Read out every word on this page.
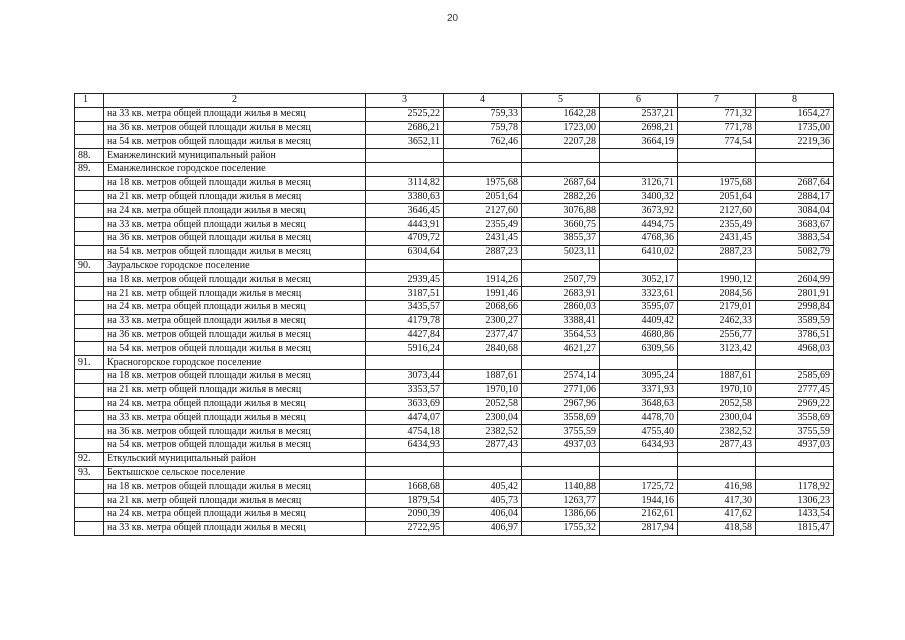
20
1	2	3	4	5	6	7	8
	на 33 кв. метра общей площади жилья в месяц	2525,22	759,33	1642,28	2537,21	771,32	1654,27
	на 36 кв. метров общей площади жилья в месяц	2686,21	759,78	1723,00	2698,21	771,78	1735,00
	на 54 кв. метров общей площади жилья в месяц	3652,11	762,46	2207,28	3664,19	774,54	2219,36
88.	Еманжелинский муниципальный район						
89.	Еманжелинское городское поселение						
	на 18 кв. метров общей площади жилья в месяц	3114,82	1975,68	2687,64	3126,71	1975,68	2687,64
	на 21 кв. метр общей площади жилья в месяц	3380,63	2051,64	2882,26	3400,32	2051,64	2884,17
	на 24 кв. метра общей площади жилья в месяц	3646,45	2127,60	3076,88	3673,92	2127,60	3084,04
	на 33 кв. метра общей площади жилья в месяц	4443,91	2355,49	3660,75	4494,75	2355,49	3683,67
	на 36 кв. метров общей площади жилья в месяц	4709,72	2431,45	3855,37	4768,36	2431,45	3883,54
	на 54 кв. метров общей площади жилья в месяц	6304,64	2887,23	5023,11	6410,02	2887,23	5082,79
90.	Зауральское городское поселение						
	на 18 кв. метров общей площади жилья в месяц	2939,45	1914,26	2507,79	3052,17	1990,12	2604,99
	на 21 кв. метр общей площади жилья в месяц	3187,51	1991,46	2683,91	3323,61	2084,56	2801,91
	на 24 кв. метра общей площади жилья в месяц	3435,57	2068,66	2860,03	3595,07	2179,01	2998,84
	на 33 кв. метра общей площади жилья в месяц	4179,78	2300,27	3388,41	4409,42	2462,33	3589,59
	на 36 кв. метров общей площади жилья в месяц	4427,84	2377,47	3564,53	4680,86	2556,77	3786,51
	на 54 кв. метров общей площади жилья в месяц	5916,24	2840,68	4621,27	6309,56	3123,42	4968,03
91.	Красногорское городское поселение						
	на 18 кв. метров общей площади жилья в месяц	3073,44	1887,61	2574,14	3095,24	1887,61	2585,69
	на 21 кв. метр общей площади жилья в месяц	3353,57	1970,10	2771,06	3371,93	1970,10	2777,45
	на 24 кв. метра общей площади жилья в месяц	3633,69	2052,58	2967,96	3648,63	2052,58	2969,22
	на 33 кв. метра общей площади жилья в месяц	4474,07	2300,04	3558,69	4478,70	2300,04	3558,69
	на 36 кв. метров общей площади жилья в месяц	4754,18	2382,52	3755,59	4755,40	2382,52	3755,59
	на 54 кв. метров общей площади жилья в месяц	6434,93	2877,43	4937,03	6434,93	2877,43	4937,03
92.	Еткульский муниципальный район						
93.	Бектышское сельское поселение						
	на 18 кв. метров общей площади жилья в месяц	1668,68	405,42	1140,88	1725,72	416,98	1178,92
	на 21 кв. метр общей площади жилья в месяц	1879,54	405,73	1263,77	1944,16	417,30	1306,23
	на 24 кв. метра общей площади жилья в месяц	2090,39	406,04	1386,66	2162,61	417,62	1433,54
	на 33 кв. метра общей площади жилья в месяц	2722,95	406,97	1755,32	2817,94	418,58	1815,47
